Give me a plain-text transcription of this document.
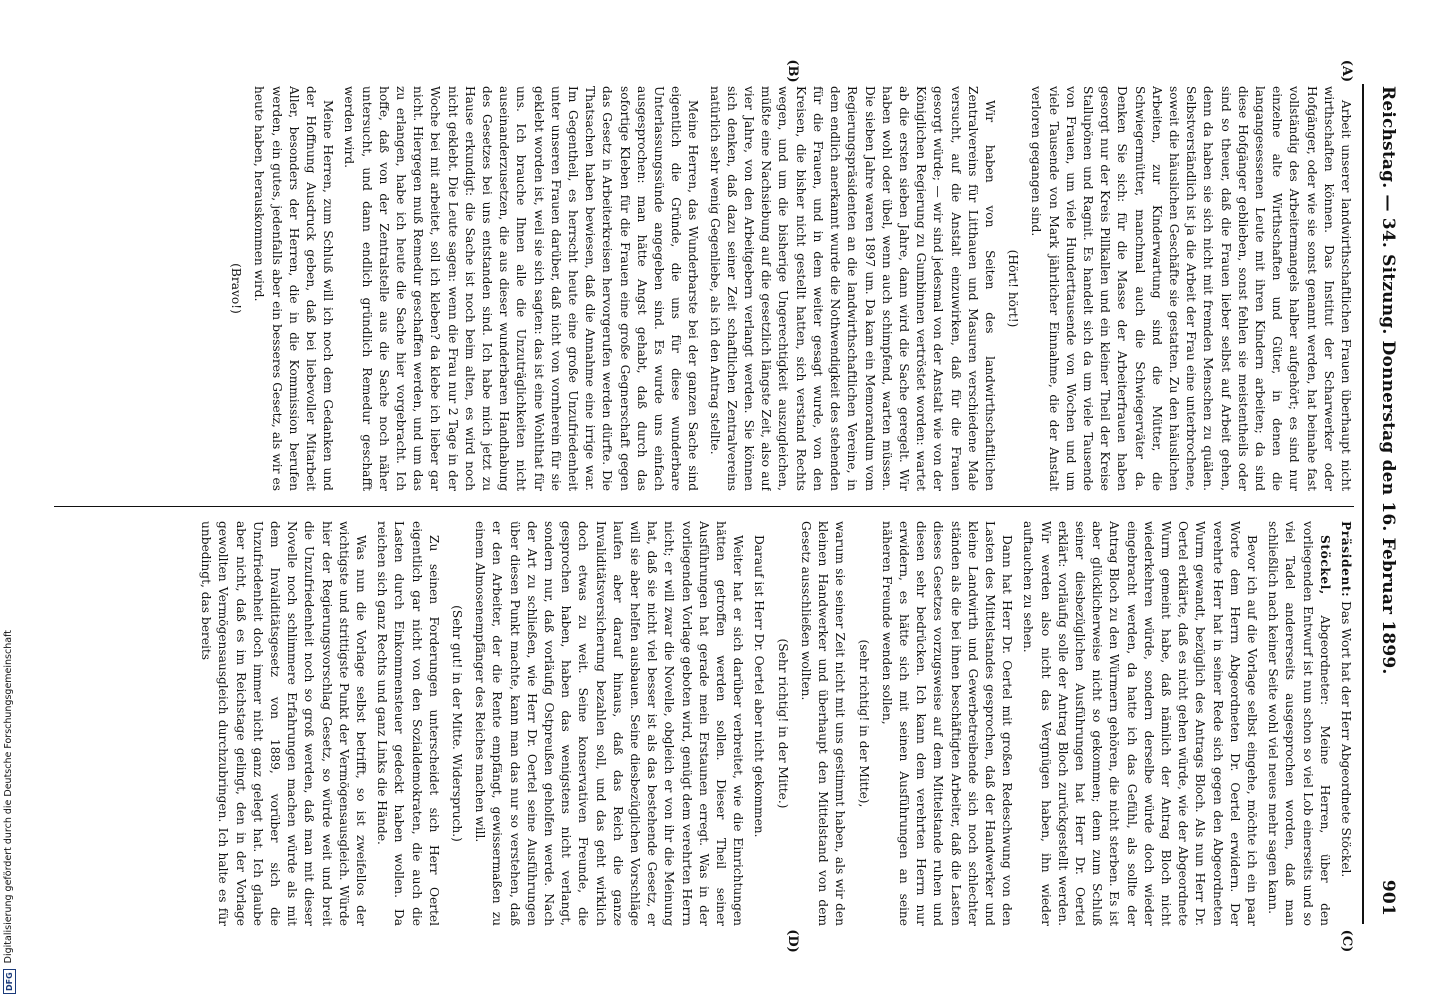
Reichstag. — 34. Sitzung. Donnerstag den 16. Februar 1899.
901
(A)
(B)
(C)
(D)

Arbeit unserer landwirthschaftlichen Frauen überhaupt nicht wirthschaften können. Das Institut der Scharwerker oder Hofgänger, oder wie sie sonst genannt werden, hat beinahe fast vollständig des Arbeitermangels halber aufgehört; es sind nur einzelne alte Wirthschaften und Güter, in denen die langangesessenen Leute mit ihren Kindern arbeiten; da sind diese Hofgänger geblieben, sonst fehlen sie meistentheils oder sind so theuer, daß die Frauen lieber selbst auf Arbeit gehen, denn da haben sie sich nicht mit fremden Menschen zu quälen. Selbstverständlich ist ja die Arbeit der Frau eine unterbrochene, soweit die häuslichen Geschäfte sie gestatten. Zu den häuslichen Arbeiten, zur Kinderwartung sind die Mütter, die Schwiegermütter, manchmal auch die Schwiegerväter da. Denken Sie sich: für die Masse der Arbeiterfrauen haben gesorgt nur der Kreis Pillkallen und ein kleiner Theil der Kreise Stallupönen und Ragnit. Es handelt sich da um viele Tausende von Frauen, um viele Hunderttausende von Wochen und um viele Tausende von Mark jährlicher Einnahme, die der Anstalt verloren gegangen sind.

(Hört! hört!)

Wir haben von Seiten des landwirthschaftlichen Zentralvereins für Litthauen und Masuren verschiedene Male versucht, auf die Anstalt einzuwirken, daß für die Frauen gesorgt würde; — wir sind jedesmal von der Anstalt wie von der Königlichen Regierung zu Gumbinnen vertröstet worden: wartet ab die ersten sieben Jahre, dann wird die Sache geregelt. Wir haben wohl oder übel, wenn auch schimpfend, warten müssen. Die sieben Jahre waren 1897 um. Da kam ein Memorandum vom Regierungspräsidenten an die landwirthschaftlichen Vereine, in dem endlich anerkannt wurde die Nothwendigkeit des stehenden für die Frauen, und in dem weiter gesagt wurde, von den Kreisen, die bisher nicht gestellt hatten, sich verstand Rechts wegen, und um die bisherige Ungerechtigkeit auszugleichen, müßte eine Nachsiebung auf die gesetzlich längste Zeit, also auf vier Jahre, von den Arbeitgebern verlangt werden. Sie können sich denken, daß dazu seiner Zeit schaftlichen Zentralvereins natürlich sehr wenig Gegenliebe, als ich den Antrag stellte.

Meine Herren, das Wunderbarste bei der ganzen Sache sind eigentlich die Gründe, die uns für diese wunderbare Unterlassungssünde angegeben sind. Es wurde uns einfach ausgesprochen: man hätte Angst gehabt, daß durch das sofortige Kleben für die Frauen eine große Gegnerschaft gegen das Gesetz in Arbeiterkreisen hervorgerufen werden dürfte. Die Thatsachen haben bewiesen, daß die Annahme eine irrige war. Im Gegentheil, es herrscht heute eine große Unzufriedenheit unter unseren Frauen darüber, daß nicht von vornherein für sie geklebt worden ist, weil sie sich sagten: das ist eine Wohlthat für uns. Ich brauche Ihnen alle die Unzuträglichkeiten nicht auseinanderzusetzen, die aus dieser wunderbaren Handhabung des Gesetzes bei uns entstanden sind. Ich habe mich jetzt zu Hause erkundigt: die Sache ist noch beim alten, es wird noch nicht geklebt. Die Leute sagen: wenn die Frau nur 2 Tage in der Woche bei mit arbeitet, soll ich kleben? da klebe ich lieber gar nicht. Hiergegen muß Remedur geschaffen werden, und um das zu erlangen, habe ich heute die Sache hier vorgebracht. Ich hoffe, daß von der Zentralstelle aus die Sache noch näher untersucht, und dann endlich gründlich Remedur geschafft werden wird.

Meine Herren, zum Schluß will ich noch dem Gedanken und der Hoffnung Ausdruck geben, daß bei liebevoller Mitarbeit Aller, besonders der Herren, die in die Kommission berufen werden, ein gutes, jedenfalls aber ein besseres Gesetz, als wir es heute haben, herauskommen wird.

(Bravo!)

Präsident: Das Wort hat der Herr Abgeordnete Stöckel.

Stöckel, Abgeordneter: Meine Herren, über den vorliegenden Entwurf ist nun schon so viel Lob einerseits und so viel Tadel andererseits ausgesprochen worden, daß man schließlich nach keiner Seite wohl viel neues mehr sagen kann.

Bevor ich auf die Vorlage selbst eingehe, möchte ich ein paar Worte dem Herrn Abgeordneten Dr. Oertel erwidern. Der verehrte Herr hat in seiner Rede sich gegen den Abgeordneten Wurm gewandt, bezüglich des Antrags Bloch. Als nun Herr Dr. Oertel erklärte, daß es nicht gehen würde, wie der Abgeordnete Wurm gemeint habe, daß nämlich der Antrag Bloch nicht wiederkehren würde, sondern derselbe würde doch wieder eingebracht werden, da hatte ich das Gefühl, als sollte der Antrag Bloch zu den Würmern gehören, die nicht sterben. Es ist aber glücklicherweise nicht so gekommen; denn zum Schluß seiner diesbezüglichen Ausführungen hat Herr Dr. Oertel erklärt: vorläufig solle der Antrag Bloch zurückgestellt werden. Wir werden also nicht das Vergnügen haben, ihn wieder auftauchen zu sehen.

Dann hat Herr Dr. Oertel mit großen Redeschwung von den Lasten des Mittelstandes gesprochen, daß der Handwerker und kleine Landwirth und Gewerbetreibende sich noch schlechter ständen als die bei ihnen beschäftigten Arbeiter, daß die Lasten dieses Gesetzes vorzugsweise auf dem Mittelstande ruhen und diesen sehr bedrücken. Ich kann dem verehrten Herrn nur erwidern, es hätte sich mit seinen Ausführungen an seine näheren Freunde wenden sollen,

(sehr richtig! in der Mitte),

warum sie seiner Zeit nicht mit uns gestimmt haben, als wir den kleinen Handwerker und überhaupt den Mittelstand von dem Gesetz ausschließen wollten.

(Sehr richtig! in der Mitte.)

Darauf ist Herr Dr. Oertel aber nicht gekommen.

Weiter hat er sich darüber verbreitet, wie die Einrichtungen hätten getroffen werden sollen. Dieser Theil seiner Ausführungen hat gerade mein Erstaunen erregt. Was in der vorliegenden Vorlage geboten wird, genügt dem verehrten Herrn nicht; er will zwar die Novelle, obgleich er von ihr die Meinung hat, daß sie nicht viel besser ist als das bestehende Gesetz, er will sie aber helfen ausbauen. Seine diesbezüglichen Vorschläge laufen aber darauf hinaus, daß das Reich die ganze Invaliditätsversicherung bezahlen soll, und das geht wirklich doch etwas zu weit. Seine konservativen Freunde, die gesprochen haben, haben das wenigstens nicht verlangt, sondern nur, daß vorläufig Ostpreußen geholfen werde. Nach der Art zu schließen, wie Herr Dr. Oertel seine Ausführungen über diesen Punkt machte, kann man das nur so verstehen, daß er den Arbeiter, der die Rente empfängt, gewissermaßen zu einem Almosenempfänger des Reiches machen will.

(Sehr gut! in der Mitte. Widerspruch.)

Zu seinen Forderungen unterscheidet sich Herr Oertel eigentlich gar nicht von den Sozialdemokraten, die auch die Lasten durch Einkommensteuer gedeckt haben wollen. Da reichen sich ganz Rechts und ganz Links die Hände.

Was nun die Vorlage selbst betrifft, so ist zweifellos der wichtigste und strittigste Punkt der Vermögensausgleich. Würde hier der Regierungsvorschlag Gesetz, so würde weit und breit die Unzufriedenheit noch so groß werden, daß man mit dieser Novelle noch schlimmere Erfahrungen machen würde als mit dem Invaliditätsgesetz von 1889, vorüber sich die Unzufriedenheit doch immer nicht ganz gelegt hat. Ich glaube aber nicht, daß es im Reichstage gelingt, den in der Vorlage gewollten Vermögensausgleich durchzubringen. Ich halte es für unbedingt, das bereits

DFG
Digitalisierung gefördert durch die Deutsche Forschungsgemeinschaft
